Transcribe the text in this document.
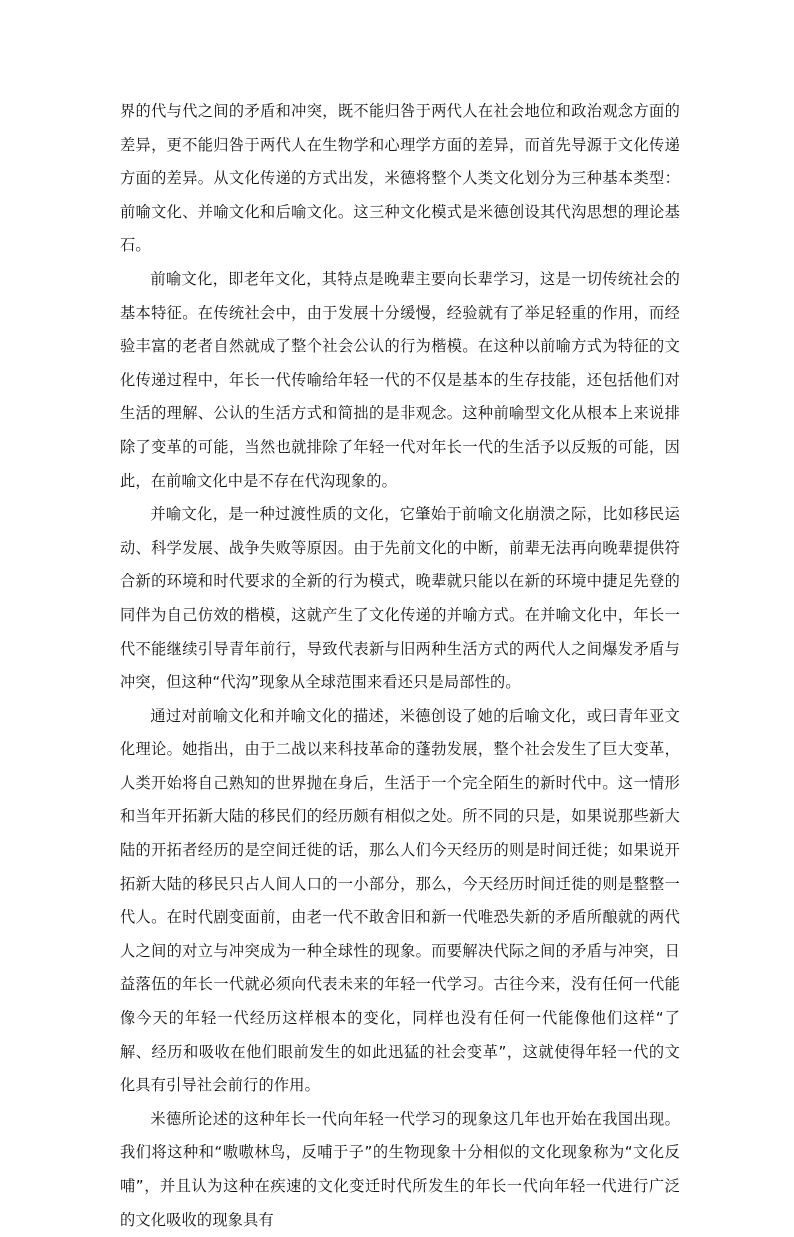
界的代与代之间的矛盾和冲突，既不能归咎于两代人在社会地位和政治观念方面的差异，更不能归咎于两代人在生物学和心理学方面的差异，而首先导源于文化传递方面的差异。从文化传递的方式出发，米德将整个人类文化划分为三种基本类型：前喻文化、并喻文化和后喻文化。这三种文化模式是米德创设其代沟思想的理论基石。

前喻文化，即老年文化，其特点是晚辈主要向长辈学习，这是一切传统社会的基本特征。在传统社会中，由于发展十分缓慢，经验就有了举足轻重的作用，而经验丰富的老者自然就成了整个社会公认的行为楷模。在这种以前喻方式为特征的文化传递过程中，年长一代传喻给年轻一代的不仅是基本的生存技能，还包括他们对生活的理解、公认的生活方式和简拙的是非观念。这种前喻型文化从根本上来说排除了变革的可能，当然也就排除了年轻一代对年长一代的生活予以反叛的可能，因此，在前喻文化中是不存在代沟现象的。

并喻文化，是一种过渡性质的文化，它肇始于前喻文化崩溃之际，比如移民运动、科学发展、战争失败等原因。由于先前文化的中断，前辈无法再向晚辈提供符合新的环境和时代要求的全新的行为模式，晚辈就只能以在新的环境中捷足先登的同伴为自己仿效的楷模，这就产生了文化传递的并喻方式。在并喻文化中，年长一代不能继续引导青年前行，导致代表新与旧两种生活方式的两代人之间爆发矛盾与冲突，但这种“代沟”现象从全球范围来看还只是局部性的。

通过对前喻文化和并喻文化的描述，米德创设了她的后喻文化，或曰青年亚文化理论。她指出，由于二战以来科技革命的蓬勃发展，整个社会发生了巨大变革，人类开始将自己熟知的世界抛在身后，生活于一个完全陌生的新时代中。这一情形和当年开拓新大陆的移民们的经历颇有相似之处。所不同的只是，如果说那些新大陆的开拓者经历的是空间迁徙的话，那么人们今天经历的则是时间迁徙；如果说开拓新大陆的移民只占人间人口的一小部分，那么，今天经历时间迁徙的则是整整一代人。在时代剧变面前，由老一代不敢舍旧和新一代唯恐失新的矛盾所酿就的两代人之间的对立与冲突成为一种全球性的现象。而要解决代际之间的矛盾与冲突，日益落伍的年长一代就必须向代表未来的年轻一代学习。古往今来，没有任何一代能像今天的年轻一代经历这样根本的变化，同样也没有任何一代能像他们这样“了解、经历和吸收在他们眼前发生的如此迅猛的社会变革”，这就使得年轻一代的文化具有引导社会前行的作用。

米德所论述的这种年长一代向年轻一代学习的现象这几年也开始在我国出现。我们将这种和“嗷嗷林鸟，反哺于子”的生物现象十分相似的文化现象称为“文化反哺”，并且认为这种在疾速的文化变迁时代所发生的年长一代向年轻一代进行广泛的文化吸收的现象具有
